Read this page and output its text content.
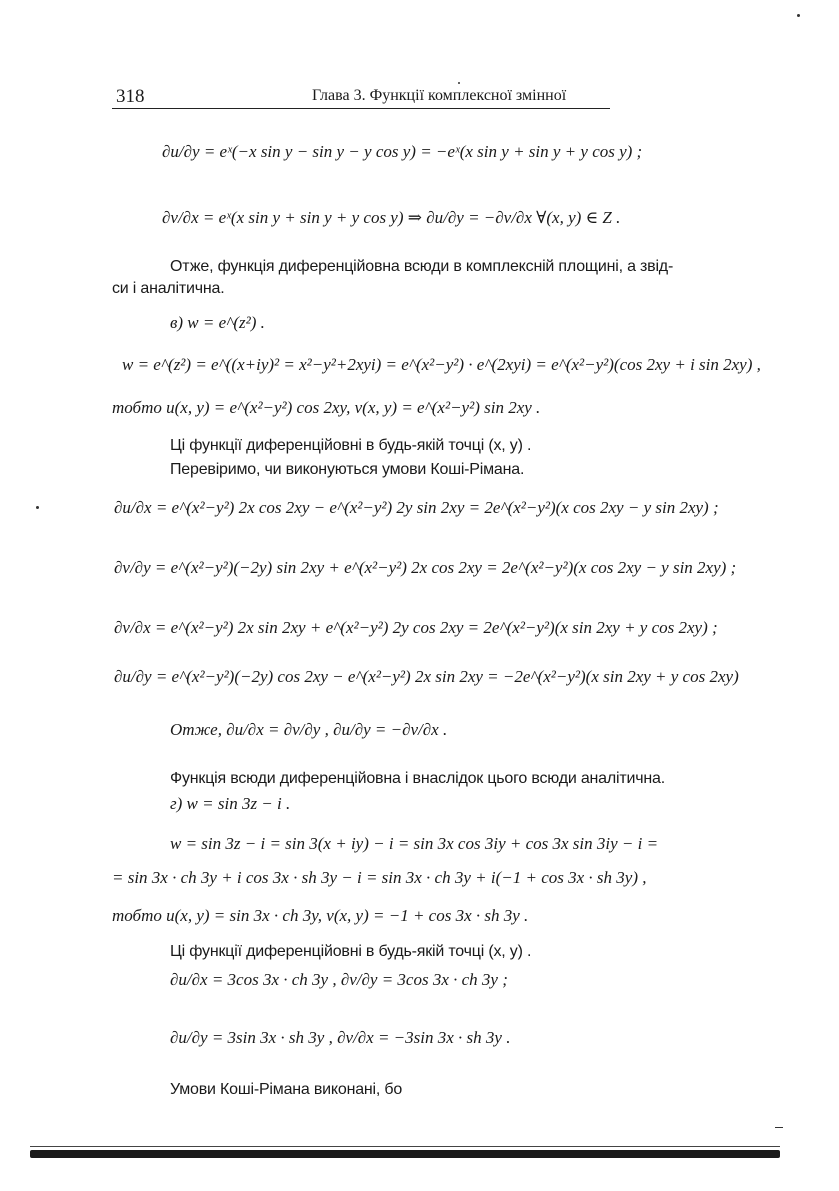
318	Глава 3. Функції комплексної змінної
∂u/∂y = eˣ(−x sin y − sin y − y cos y) = −eˣ(x sin y + sin y + y cos y) ;
∂v/∂x = eˣ(x sin y + sin y + y cos y) ⇒ ∂u/∂y = −∂v/∂x ∀(x, y) ∈ Z .
Отже, функція диференційовна всюди в комплексній площині, а звід-
си і аналітична.
в) w = e^(z²) .
w = e^(z²) = e^((x+iy)² = x²−y²+2xyi) = e^(x²−y²) · e^(2xyi) = e^(x²−y²)(cos 2xy + i sin 2xy) ,
тобто u(x, y) = e^(x²−y²) cos 2xy, v(x, y) = e^(x²−y²) sin 2xy .
Ці функції диференційовні в будь-якій точці (x, y) .
Перевіримо, чи виконуються умови Коші-Рімана.
∂u/∂x = e^(x²−y²) 2x cos 2xy − e^(x²−y²) 2y sin 2xy = 2e^(x²−y²)(x cos 2xy − y sin 2xy) ;
∂v/∂y = e^(x²−y²)(−2y) sin 2xy + e^(x²−y²) 2x cos 2xy = 2e^(x²−y²)(x cos 2xy − y sin 2xy) ;
∂v/∂x = e^(x²−y²) 2x sin 2xy + e^(x²−y²) 2y cos 2xy = 2e^(x²−y²)(x sin 2xy + y cos 2xy) ;
∂u/∂y = e^(x²−y²)(−2y) cos 2xy − e^(x²−y²) 2x sin 2xy = −2e^(x²−y²)(x sin 2xy + y cos 2xy)
Отже, ∂u/∂x = ∂v/∂y , ∂u/∂y = −∂v/∂x .
Функція всюди диференційовна і внаслідок цього всюди аналітична.
г) w = sin 3z − i .
w = sin 3z − i = sin 3(x + iy) − i = sin 3x cos 3iy + cos 3x sin 3iy − i =
= sin 3x · ch 3y + i cos 3x · sh 3y − i = sin 3x · ch 3y + i(−1 + cos 3x · sh 3y) ,
тобто u(x, y) = sin 3x · ch 3y, v(x, y) = −1 + cos 3x · sh 3y .
Ці функції диференційовні в будь-якій точці (x, y) .
∂u/∂x = 3cos 3x · ch 3y , ∂v/∂y = 3cos 3x · ch 3y ;
∂u/∂y = 3sin 3x · sh 3y , ∂v/∂x = −3sin 3x · sh 3y .
Умови Коші-Рімана виконані, бо
